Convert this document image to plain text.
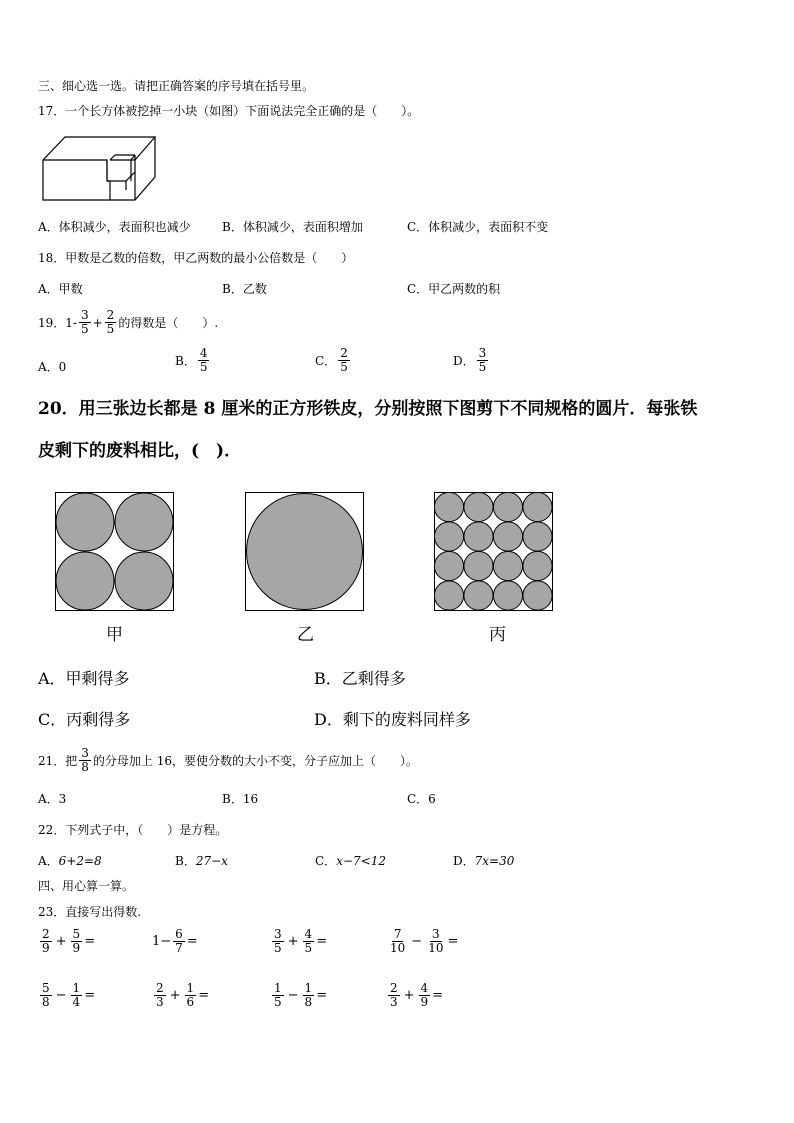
三、细心选一选。请把正确答案的序号填在括号里。
17．一个长方体被挖掉一小块（如图）下面说法完全正确的是（　　）。
A．体积减少，表面积也减少	B．体积减少，表面积增加	C．体积减少，表面积不变
18．甲数是乙数的倍数，甲乙两数的最小公倍数是（　　）
A．甲数	B．乙数	C．甲乙两数的积
19．$1- \frac{3}{5} + \frac{2}{5}$ 的得数是（　　）.
A．0	B． $\frac{4}{5}$	C． $\frac{2}{5}$	D． $\frac{3}{5}$
20．用三张边长都是 8 厘米的正方形铁皮，分别按照下图剪下不同规格的圆片．每张铁
皮剩下的废料相比，(　)．
甲	乙	丙
A．甲剩得多	B．乙剩得多
C．丙剩得多	D．剩下的废料同样多
21．把 $\frac{3}{8}$ 的分母加上 16，要使分数的大小不变，分子应加上（　　）。
A．3	B．16	C．6
22．下列式子中，（　　）是方程。
A．6+2=8	B．27−x	C．x−7<12	D．7x=30
四、用心算一算。
23．直接写出得数.
$\frac{2}{9} + \frac{5}{9}$ =	$1- \frac{6}{7}$ =	$\frac{3}{5} + \frac{4}{5}$ =	$\frac{7}{10} - \frac{3}{10}$ =
$\frac{5}{8} - \frac{1}{4}$ =	$\frac{2}{3} + \frac{1}{6}$ =	$\frac{1}{5} - \frac{1}{8}$ =	$\frac{2}{3} + \frac{4}{9}$ =
